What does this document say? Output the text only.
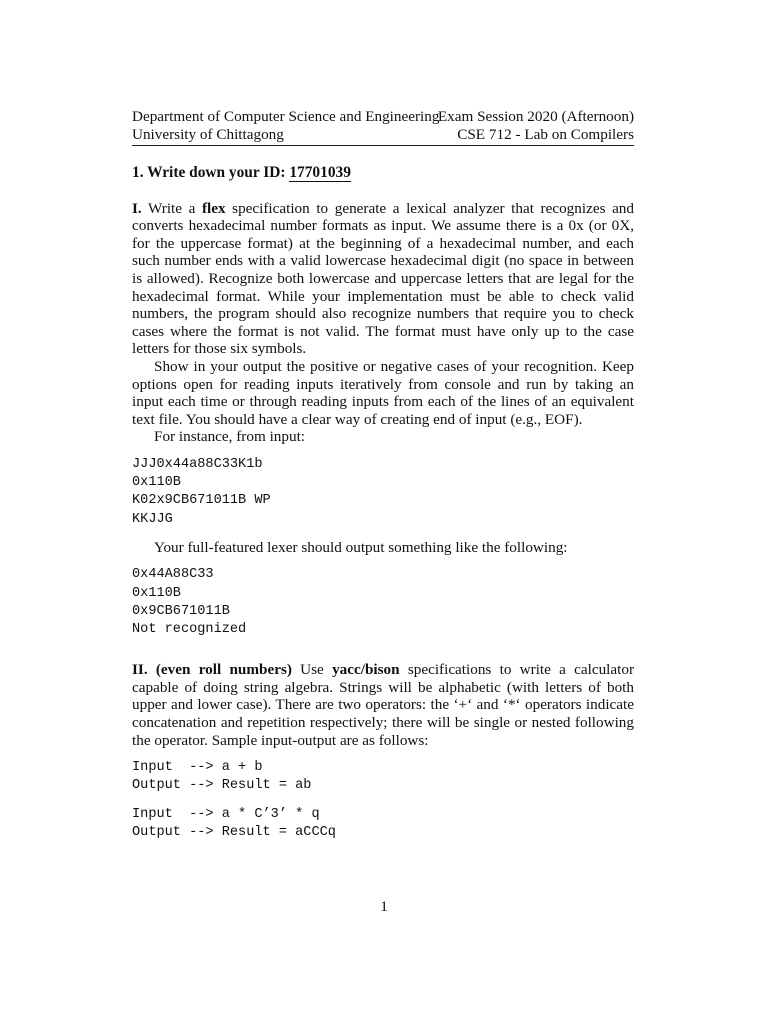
Department of Computer Science and Engineering
Exam Session 2020 (Afternoon)
University of Chittagong	CSE 712 - Lab on Compilers
1. Write down your ID: 17701039

I. Write a flex specification to generate a lexical analyzer that recognizes and converts hexadecimal number formats as input. We assume there is a 0x (or 0X, for the uppercase format) at the beginning of a hexadecimal number, and each such number ends with a valid lowercase hexadecimal digit (no space in between is allowed). Recognize both lowercase and uppercase letters that are legal for the hexadecimal format. While your implementation must be able to check valid numbers, the program should also recognize numbers that require you to check cases where the format is not valid. The format must have only up to the case letters for those six symbols.

Show in your output the positive or negative cases of your recognition. Keep options open for reading inputs iteratively from console and run by taking an input each time or through reading inputs from each of the lines of an equivalent text file. You should have a clear way of creating end of input (e.g., EOF).

For instance, from input:

JJJ0x44a88C33K1b
0x110B
K02x9CB671011B WP
KKJJG

Your full-featured lexer should output something like the following:

0x44A88C33
0x110B
0x9CB671011B
Not recognized

II. (even roll numbers) Use yacc/bison specifications to write a calculator capable of doing string algebra. Strings will be alphabetic (with letters of both upper and lower case). There are two operators: the ‘+‘ and ‘*‘ operators indicate concatenation and repetition respectively; there will be single or nested following the operator. Sample input-output are as follows:

Input  --> a + b
Output --> Result = ab
Input  --> a * C’3’ * q
Output --> Result = aCCCq
1
